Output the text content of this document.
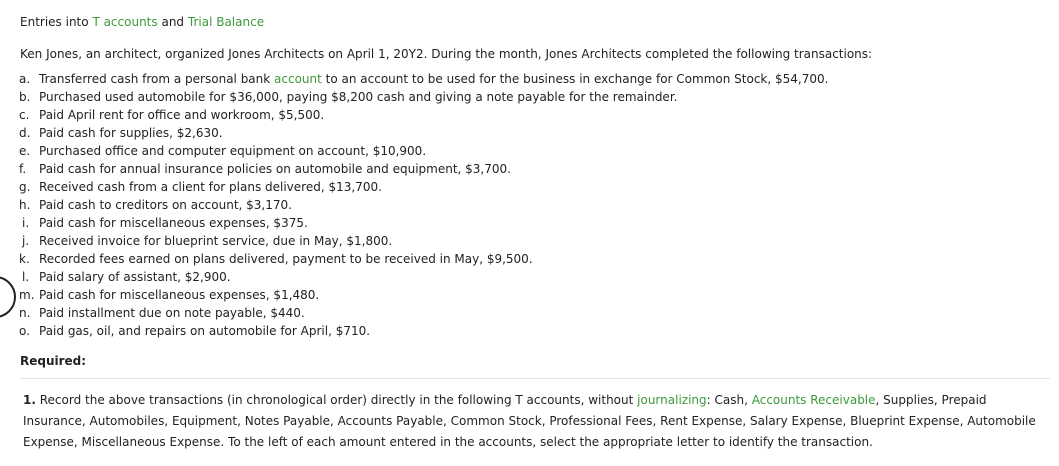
Entries into T accounts and Trial Balance
Ken Jones, an architect, organized Jones Architects on April 1, 20Y2. During the month, Jones Architects completed the following transactions:
a. Transferred cash from a personal bank account to an account to be used for the business in exchange for Common Stock, $54,700.
b. Purchased used automobile for $36,000, paying $8,200 cash and giving a note payable for the remainder.
c. Paid April rent for office and workroom, $5,500.
d. Paid cash for supplies, $2,630.
e. Purchased office and computer equipment on account, $10,900.
f. Paid cash for annual insurance policies on automobile and equipment, $3,700.
g. Received cash from a client for plans delivered, $13,700.
h. Paid cash to creditors on account, $3,170.
i. Paid cash for miscellaneous expenses, $375.
j. Received invoice for blueprint service, due in May, $1,800.
k. Recorded fees earned on plans delivered, payment to be received in May, $9,500.
l. Paid salary of assistant, $2,900.
m. Paid cash for miscellaneous expenses, $1,480.
n. Paid installment due on note payable, $440.
o. Paid gas, oil, and repairs on automobile for April, $710.
Required:
1. Record the above transactions (in chronological order) directly in the following T accounts, without journalizing: Cash, Accounts Receivable, Supplies, Prepaid Insurance, Automobiles, Equipment, Notes Payable, Accounts Payable, Common Stock, Professional Fees, Rent Expense, Salary Expense, Blueprint Expense, Automobile Expense, Miscellaneous Expense. To the left of each amount entered in the accounts, select the appropriate letter to identify the transaction.
